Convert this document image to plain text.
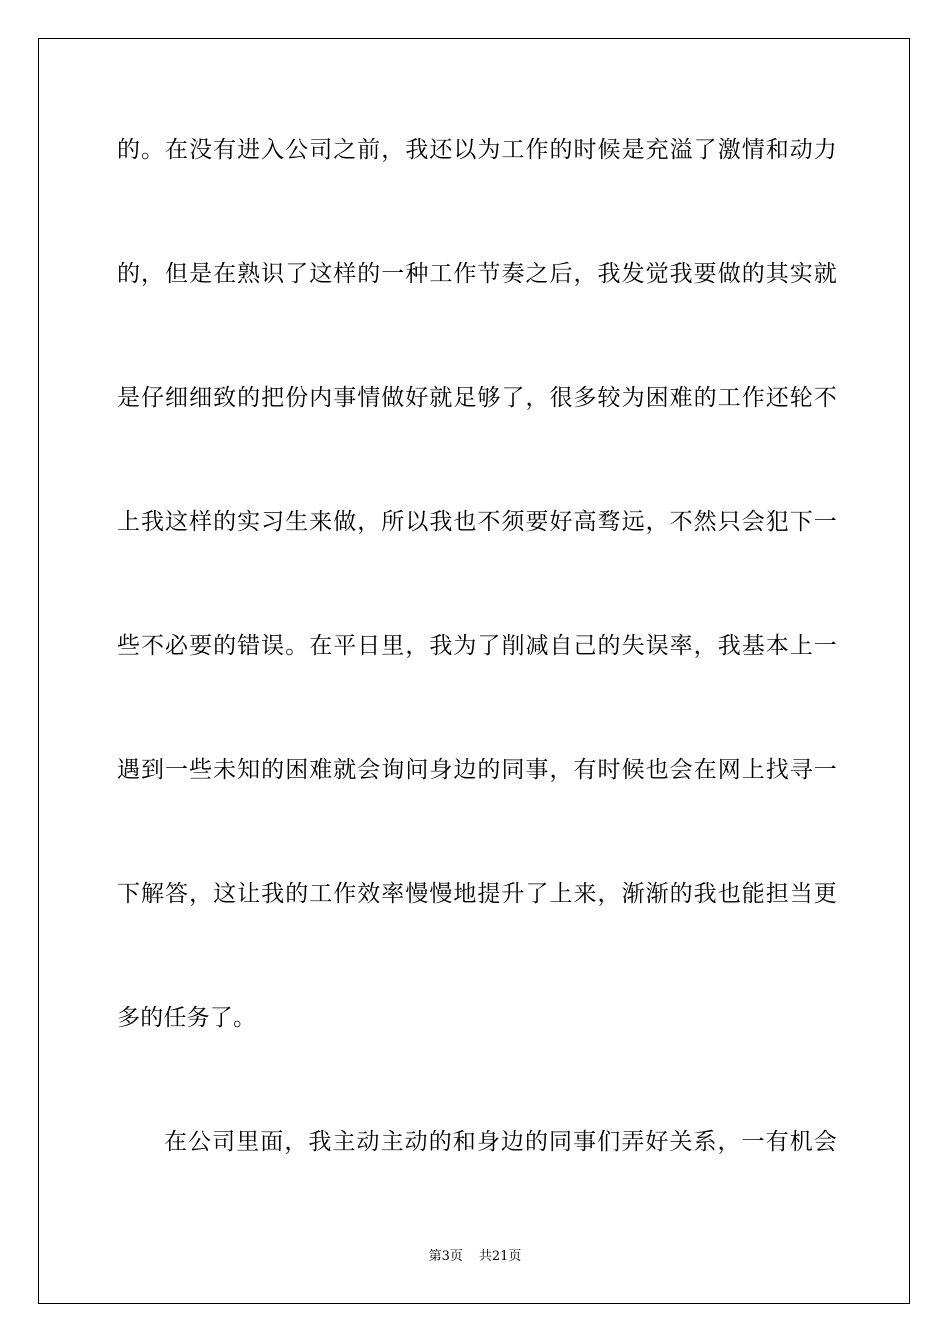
的。在没有进入公司之前，我还以为工作的时候是充溢了激情和动力
的，但是在熟识了这样的一种工作节奏之后，我发觉我要做的其实就
是仔细细致的把份内事情做好就足够了，很多较为困难的工作还轮不
上我这样的实习生来做，所以我也不须要好高骛远，不然只会犯下一
些不必要的错误。在平日里，我为了削减自己的失误率，我基本上一
遇到一些未知的困难就会询问身边的同事，有时候也会在网上找寻一
下解答，这让我的工作效率慢慢地提升了上来，渐渐的我也能担当更
多的任务了。
在公司里面，我主动主动的和身边的同事们弄好关系，一有机会
第3页 共21页
